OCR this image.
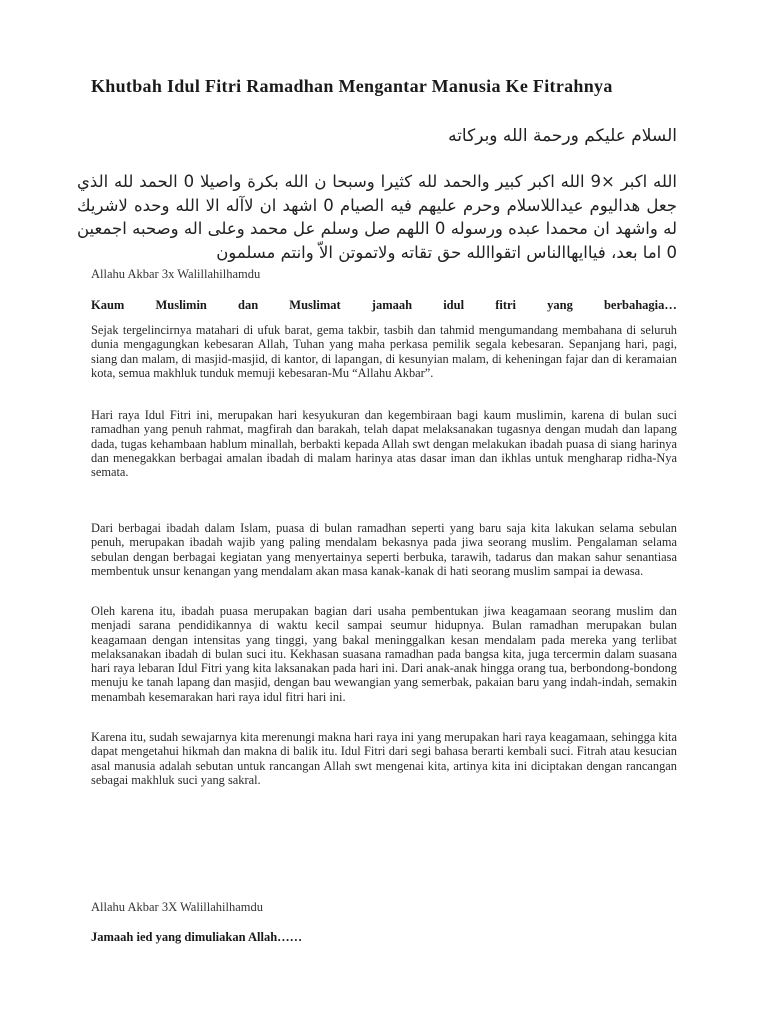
Khutbah Idul Fitri Ramadhan Mengantar Manusia Ke Fitrahnya
السلام عليكم ورحمة الله وبركاته
الله اكبر ×9 الله اكبر كبير والحمد لله كثيرا وسبحا ن الله بكرة واصيلا 0 الحمد لله الذي جعل هداليوم عيداللاسلام وحرم عليهم فيه الصيام 0 اشهد ان لاآله الا الله وحده لاشريك له واشهد ان محمدا عبده ورسوله 0 اللهم صل وسلم عل محمد وعلى اله وصحبه اجمعين 0 اما بعد، فياايهاالناس اتقواالله حق تقاته ولاتموتن الاّ وانتم مسلمون
Allahu Akbar 3x Walillahilhamdu
Kaum Muslimin dan Muslimat jamaah idul fitri yang berbahagia…

Sejak tergelincirnya matahari di ufuk barat, gema takbir, tasbih dan tahmid mengumandang membahana di seluruh dunia mengagungkan kebesaran Allah, Tuhan yang maha perkasa pemilik segala kebesaran. Sepanjang hari, pagi, siang dan malam, di masjid-masjid, di kantor, di lapangan, di kesunyian malam, di keheningan fajar dan di keramaian kota, semua makhluk tunduk memuji kebesaran-Mu “Allahu Akbar”.

Hari raya Idul Fitri ini, merupakan hari kesyukuran dan kegembiraan bagi kaum muslimin, karena di bulan suci ramadhan yang penuh rahmat, magfirah dan barakah, telah dapat melaksanakan tugasnya dengan mudah dan lapang dada, tugas kehambaan hablum minallah, berbakti kepada Allah swt dengan melakukan ibadah puasa di siang harinya dan menegakkan berbagai amalan ibadah di malam harinya atas dasar iman dan ikhlas untuk mengharap ridha-Nya semata.

Dari berbagai ibadah dalam Islam, puasa di bulan ramadhan seperti yang baru saja kita lakukan selama sebulan penuh, merupakan ibadah wajib yang paling mendalam bekasnya pada jiwa seorang muslim. Pengalaman selama sebulan dengan berbagai kegiatan yang menyertainya seperti berbuka, tarawih, tadarus dan makan sahur senantiasa membentuk unsur kenangan yang mendalam akan masa kanak-kanak di hati seorang muslim sampai ia dewasa.

Oleh karena itu, ibadah puasa merupakan bagian dari usaha pembentukan jiwa keagamaan seorang muslim dan menjadi sarana pendidikannya di waktu kecil sampai seumur hidupnya. Bulan ramadhan merupakan bulan keagamaan dengan intensitas yang tinggi, yang bakal meninggalkan kesan mendalam pada mereka yang terlibat melaksanakan ibadah di bulan suci itu. Kekhasan suasana ramadhan pada bangsa kita, juga tercermin dalam suasana hari raya lebaran Idul Fitri yang kita laksanakan pada hari ini. Dari anak-anak hingga orang tua, berbondong-bondong menuju ke tanah lapang dan masjid, dengan bau wewangian yang semerbak, pakaian baru yang indah-indah, semakin menambah kesemarakan hari raya idul fitri hari ini.

Karena itu, sudah sewajarnya kita merenungi makna hari raya ini yang merupakan hari raya keagamaan, sehingga kita dapat mengetahui hikmah dan makna di balik itu. Idul Fitri dari segi bahasa berarti kembali suci. Fitrah atau kesucian asal manusia adalah sebutan untuk rancangan Allah swt mengenai kita, artinya kita ini diciptakan dengan rancangan sebagai makhluk suci yang sakral.

Allahu Akbar 3X Walillahilhamdu
Jamaah ied yang dimuliakan Allah……
